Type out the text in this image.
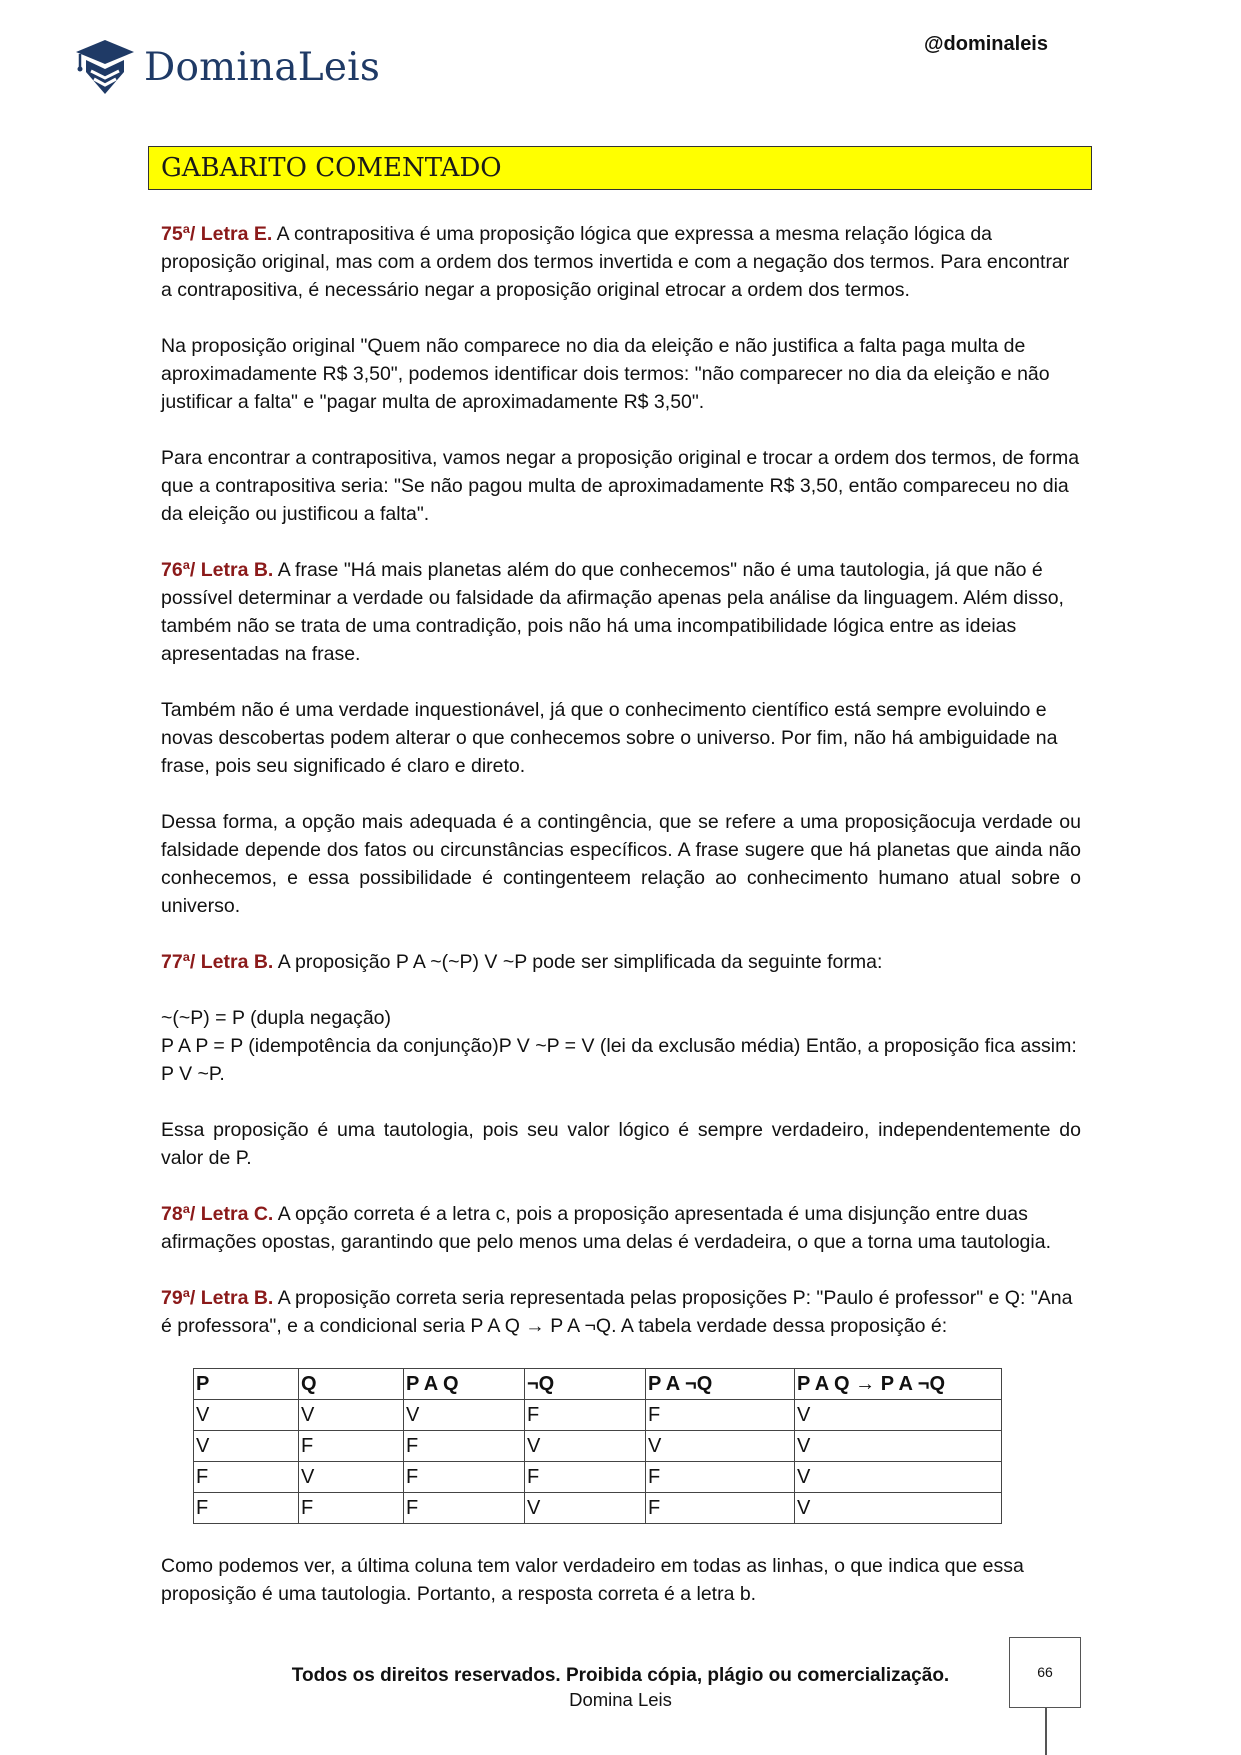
DominaLeis
@dominaleis
GABARITO COMENTADO

75ª/ Letra E. A contrapositiva é uma proposição lógica que expressa a mesma relação lógica da proposição original, mas com a ordem dos termos invertida e com a negação dos termos. Para encontrar a contrapositiva, é necessário negar a proposição original etrocar a ordem dos termos.

Na proposição original "Quem não comparece no dia da eleição e não justifica a falta paga multa de aproximadamente R$ 3,50", podemos identificar dois termos: "não comparecer no dia da eleição e não justificar a falta" e "pagar multa de aproximadamente R$ 3,50".

Para encontrar a contrapositiva, vamos negar a proposição original e trocar a ordem dos termos, de forma que a contrapositiva seria: "Se não pagou multa de aproximadamente R$ 3,50, então compareceu no dia da eleição ou justificou a falta".

76ª/ Letra B. A frase "Há mais planetas além do que conhecemos" não é uma tautologia, já que não é possível determinar a verdade ou falsidade da afirmação apenas pela análise da linguagem. Além disso, também não se trata de uma contradição, pois não há uma incompatibilidade lógica entre as ideias apresentadas na frase.

Também não é uma verdade inquestionável, já que o conhecimento científico está sempre evoluindo e novas descobertas podem alterar o que conhecemos sobre o universo. Por fim, não há ambiguidade na frase, pois seu significado é claro e direto.

Dessa forma, a opção mais adequada é a contingência, que se refere a uma proposiçãocuja verdade ou falsidade depende dos fatos ou circunstâncias específicos. A frase sugere que há planetas que ainda não conhecemos, e essa possibilidade é contingenteem relação ao conhecimento humano atual sobre o universo.

77ª/ Letra B. A proposição P A ~(~P) V ~P pode ser simplificada da seguinte forma:

~(~P) = P (dupla negação)
P A P = P (idempotência da conjunção)P V ~P = V (lei da exclusão média) Então, a proposição fica assim: P V ~P.

Essa proposição é uma tautologia, pois seu valor lógico é sempre verdadeiro, independentemente do valor de P.

78ª/ Letra C. A opção correta é a letra c, pois a proposição apresentada é uma disjunção entre duas afirmações opostas, garantindo que pelo menos uma delas é verdadeira, o que a torna uma tautologia.

79ª/ Letra B. A proposição correta seria representada pelas proposições P: "Paulo é professor" e Q: "Ana é professora", e a condicional seria P A Q → P A ¬Q. A tabela verdade dessa proposição é:

P	Q	P A Q	¬Q	P A ¬Q	P A Q → P A ¬Q
V	V	V	F	F	V
V	F	F	V	V	V
F	V	F	F	F	V
F	F	F	V	F	V

Como podemos ver, a última coluna tem valor verdadeiro em todas as linhas, o que indica que essa proposição é uma tautologia. Portanto, a resposta correta é a letra b.

Todos os direitos reservados. Proibida cópia, plágio ou comercialização.
Domina Leis
66
